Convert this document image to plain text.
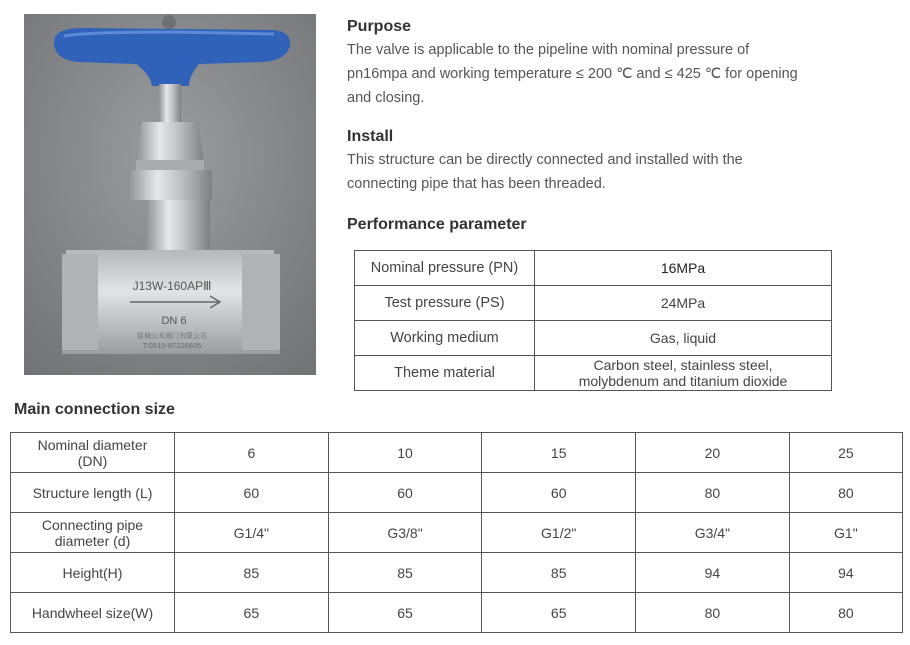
J13W-160APⅢ
DN 6
盐城山禾阀门有限公司
T:0515-87226605
Purpose
The valve is applicable to the pipeline with nominal pressure of
pn16mpa and working temperature ≤ 200 ℃ and ≤ 425 ℃ for opening
and closing.
Install
This structure can be directly connected and installed with the
connecting pipe that has been threaded.
Performance parameter
Nominal pressure (PN)	16MPa
Test pressure (PS)	24MPa
Working medium	Gas, liquid
Theme material	Carbon steel, stainless steel,
molybdenum and titanium dioxide
Main connection size
Nominal diameter
(DN)	6	10	15	20	25

Structure length (L)	60	60	60	80	80

Connecting pipe
diameter (d)	G1/4"	G3/8"	G1/2"	G3/4"	G1"

Height(H)	85	85	85	94	94

Handwheel size(W)	65	65	65	80	80
